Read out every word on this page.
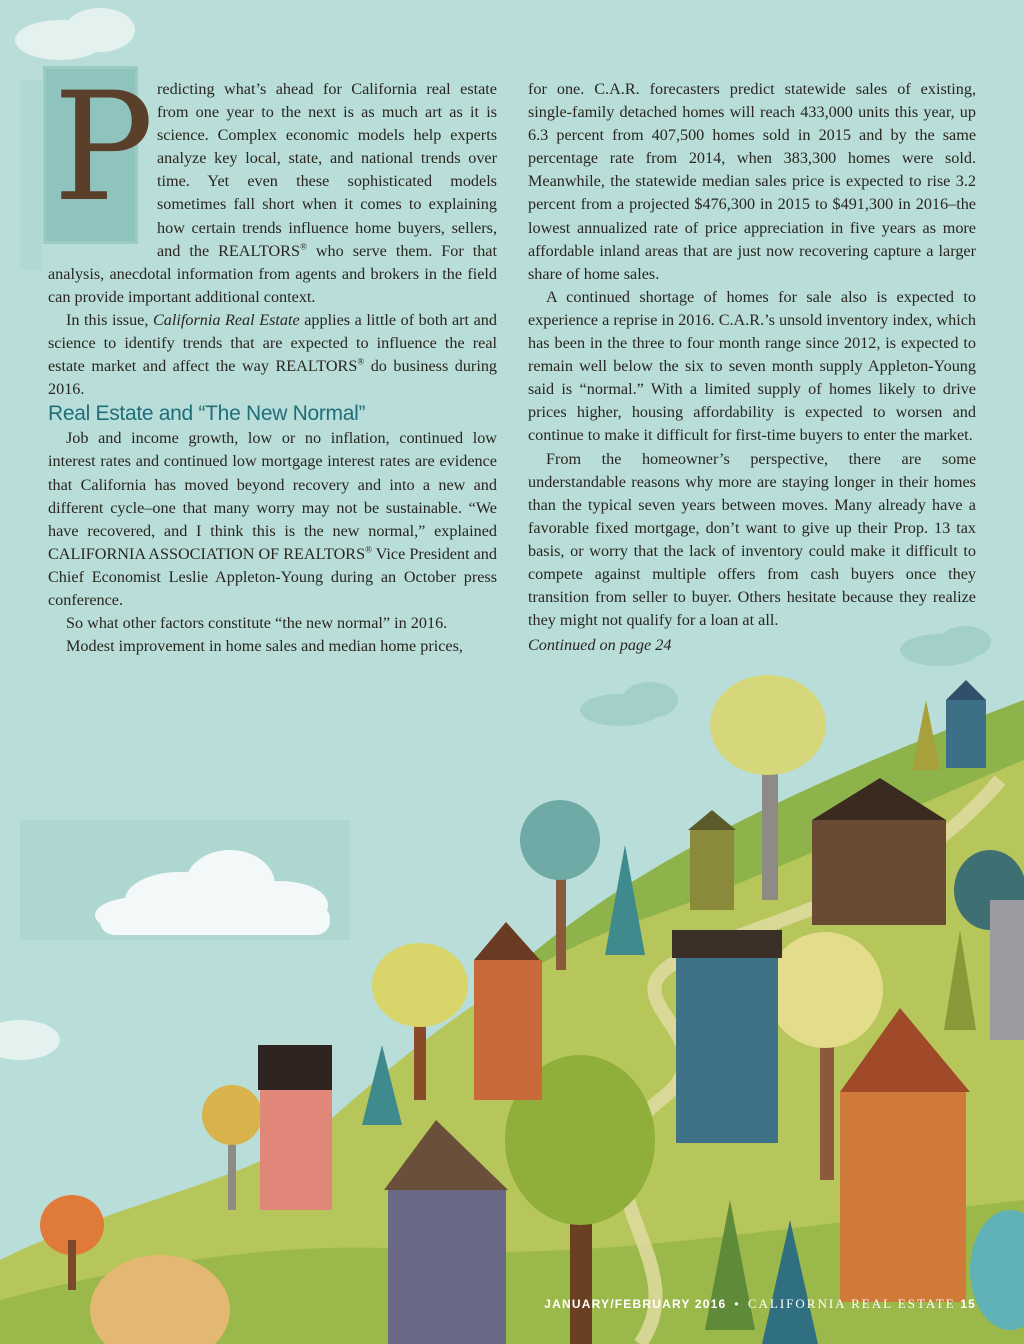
P redicting what’s ahead for California real estate from one year to the next is as much art as it is science. Complex economic models help experts analyze key local, state, and national trends over time. Yet even these sophisticated models sometimes fall short when it comes to explaining how certain trends influence home buyers, sellers, and the REALTORS® who serve them. For that analysis, anecdotal information from agents and brokers in the field can provide important additional context.

In this issue, California Real Estate applies a little of both art and science to identify trends that are expected to influence the real estate market and affect the way REALTORS® do business during 2016.

Real Estate and “The New Normal”

Job and income growth, low or no inflation, continued low interest rates and continued low mortgage interest rates are evidence that California has moved beyond recovery and into a new and different cycle–one that many worry may not be sustainable. “We have recovered, and I think this is the new normal,” explained CALIFORNIA ASSOCIATION OF REALTORS® Vice President and Chief Economist Leslie Appleton-Young during an October press conference.

So what other factors constitute “the new normal” in 2016.

Modest improvement in home sales and median home prices,

for one. C.A.R. forecasters predict statewide sales of existing, single-family detached homes will reach 433,000 units this year, up 6.3 percent from 407,500 homes sold in 2015 and by the same percentage rate from 2014, when 383,300 homes were sold. Meanwhile, the statewide median sales price is expected to rise 3.2 percent from a projected $476,300 in 2015 to $491,300 in 2016–the lowest annualized rate of price appreciation in five years as more affordable inland areas that are just now recovering capture a larger share of home sales.

A continued shortage of homes for sale also is expected to experience a reprise in 2016. C.A.R.’s unsold inventory index, which has been in the three to four month range since 2012, is expected to remain well below the six to seven month supply Appleton-Young said is “normal.” With a limited supply of homes likely to drive prices higher, housing affordability is expected to worsen and continue to make it difficult for first-time buyers to enter the market.

From the homeowner’s perspective, there are some understandable reasons why more are staying longer in their homes than the typical seven years between moves. Many already have a favorable fixed mortgage, don’t want to give up their Prop. 13 tax basis, or worry that the lack of inventory could make it difficult to compete against multiple offers from cash buyers once they transition from seller to buyer. Others hesitate because they realize they might not qualify for a loan at all.

Continued on page 24

JANUARY/FEBRUARY 2016 • CALIFORNIA REAL ESTATE 15
